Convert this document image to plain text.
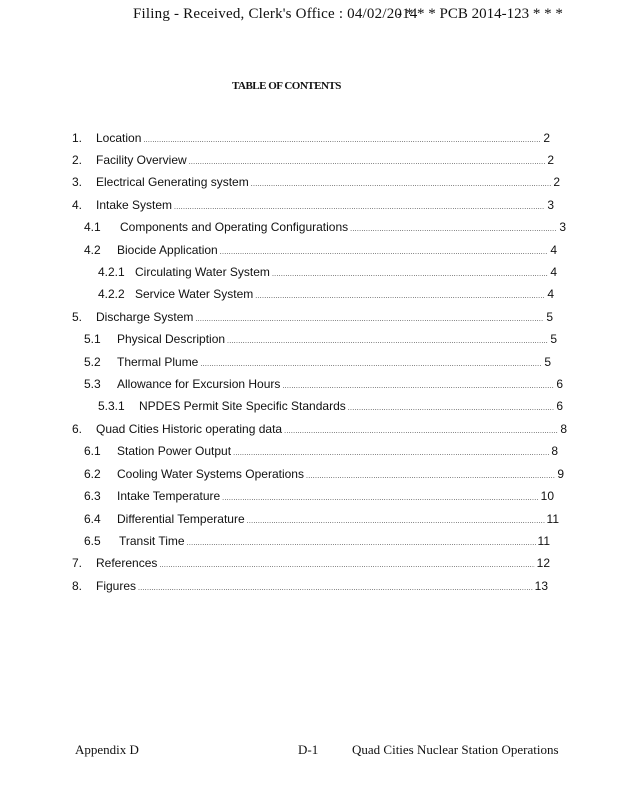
Filing - Received, Clerk's Office : 04/02/2014
- * * * PCB 2014-123 * * *
TABLE OF CONTENTS
1.	Location .....	2
2.	Facility Overview .....	2
3.	Electrical Generating system .....	2
4.	Intake System .....	3
4.1	Components and Operating Configurations .....	3
4.2	Biocide Application .....	4
4.2.1 Circulating Water System .....	4
4.2.2 Service Water System .....	4
5.	Discharge System .....	5
5.1	Physical Description .....	5
5.2	Thermal Plume .....	5
5.3	Allowance for Excursion Hours .....	6
5.3.1	NPDES Permit Site Specific Standards .....	6
6.	Quad Cities Historic operating data .....	8
6.1	Station Power Output .....	8
6.2	Cooling Water Systems Operations .....	9
6.3	Intake Temperature .....	10
6.4	Differential Temperature .....	11
6.5	Transit Time .....	11
7.	References .....	12
8.	Figures .....	13
Appendix D	D-1	Quad Cities Nuclear Station Operations
